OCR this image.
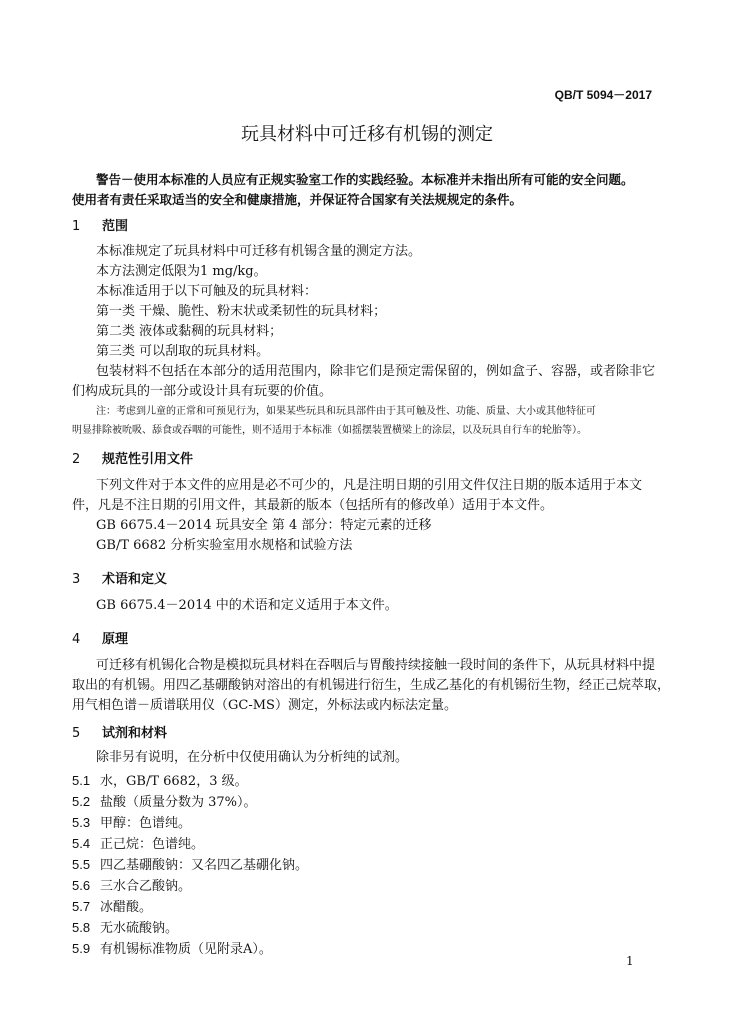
QB/T 5094－2017
玩具材料中可迁移有机锡的测定

警告－使用本标准的人员应有正规实验室工作的实践经验。本标准并未指出所有可能的安全问题。

使用者有责任采取适当的安全和健康措施，并保证符合国家有关法规规定的条件。

1 范围

本标准规定了玩具材料中可迁移有机锡含量的测定方法。

本方法测定低限为1 mg/kg。

本标准适用于以下可触及的玩具材料：

第一类 干燥、脆性、粉末状或柔韧性的玩具材料；

第二类 液体或黏稠的玩具材料；

第三类 可以刮取的玩具材料。

包装材料不包括在本部分的适用范围内，除非它们是预定需保留的，例如盒子、容器，或者除非它

们构成玩具的一部分或设计具有玩要的价值。

注：考虑到儿童的正常和可预见行为，如果某些玩具和玩具部件由于其可触及性、功能、质量、大小或其他特征可

明显排除被吮吸、舔食或吞咽的可能性，则不适用于本标准（如摇摆装置横梁上的涂层，以及玩具自行车的轮胎等）。

2 规范性引用文件

下列文件对于本文件的应用是必不可少的，凡是注明日期的引用文件仅注日期的版本适用于本文

件，凡是不注日期的引用文件，其最新的版本（包括所有的修改单）适用于本文件。

GB 6675.4－2014 玩具安全 第 4 部分：特定元素的迁移

GB/T 6682 分析实验室用水规格和试验方法

3 术语和定义

GB 6675.4－2014 中的术语和定义适用于本文件。

4 原理

可迁移有机锡化合物是模拟玩具材料在吞咽后与胃酸持续接触一段时间的条件下，从玩具材料中提

取出的有机锡。用四乙基硼酸钠对溶出的有机锡进行衍生，生成乙基化的有机锡衍生物，经正己烷萃取，

用气相色谱－质谱联用仪（GC-MS）测定，外标法或内标法定量。

5 试剂和材料

除非另有说明，在分析中仅使用确认为分析纯的试剂。

5.1 水，GB/T 6682，3 级。
5.2 盐酸（质量分数为 37%）。
5.3 甲醇：色谱纯。
5.4 正己烷：色谱纯。
5.5 四乙基硼酸钠：又名四乙基硼化钠。
5.6 三水合乙酸钠。
5.7 冰醋酸。
5.8 无水硫酸钠。
5.9 有机锡标准物质（见附录A）。
1
